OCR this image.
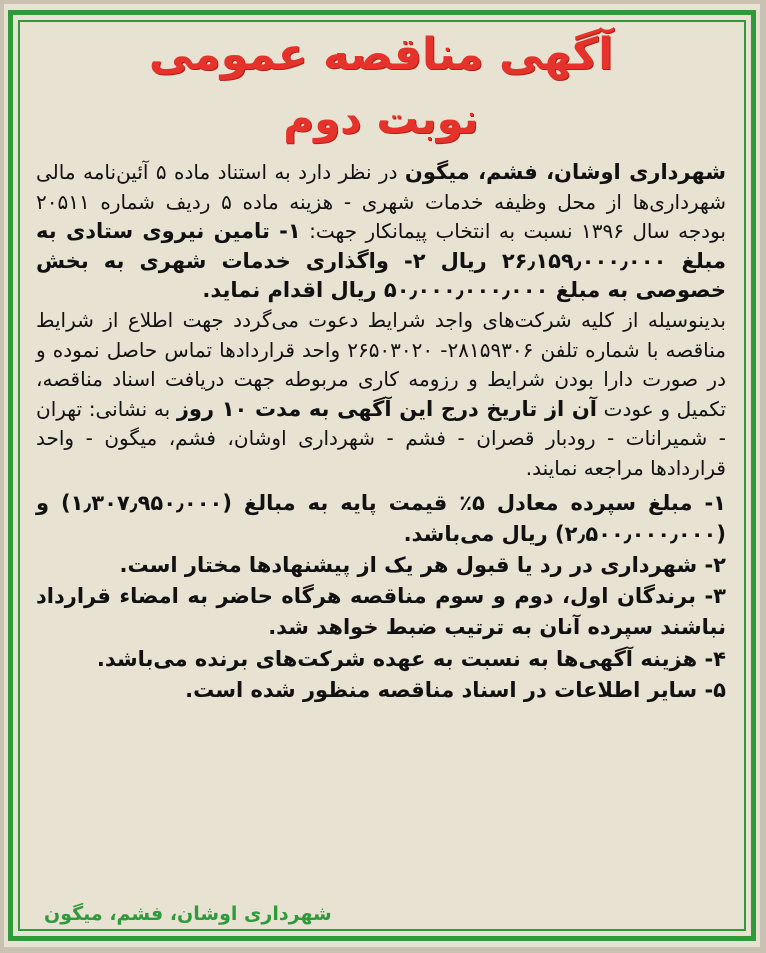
آگهی مناقصه عمومی
نوبت دوم

شهرداری اوشان، فشم، میگون در نظر دارد به استناد ماده ۵ آئین‌نامه مالی شهرداری‌ها از محل وظیفه خدمات شهری - هزینه ماده ۵ ردیف شماره ۲۰۵۱۱ بودجه سال ۱۳۹۶ نسبت به انتخاب پیمانکار جهت: ۱- تامین نیروی ستادی به مبلغ ۲۶٫۱۵۹٫۰۰۰٫۰۰۰ ریال ۲- واگذاری خدمات شهری به بخش خصوصی به مبلغ ۵۰٫۰۰۰٫۰۰۰٫۰۰۰ ریال اقدام نماید.

بدینوسیله از کلیه شرکت‌های واجد شرایط دعوت می‌گردد جهت اطلاع از شرایط مناقصه با شماره تلفن ۲۸۱۵۹۳۰۶- ۲۶۵۰۳۰۲۰ واحد قراردادها تماس حاصل نموده و در صورت دارا بودن شرایط و رزومه کاری مربوطه جهت دریافت اسناد مناقصه، تکمیل و عودت آن از تاریخ درج این آگهی به مدت ۱۰ روز به نشانی: تهران - شمیرانات - رودبار قصران - فشم - شهرداری اوشان، فشم، میگون - واحد قراردادها مراجعه نمایند.

۱- مبلغ سپرده معادل ۵٪ قیمت پایه به مبالغ (۱٫۳۰۷٫۹۵۰٫۰۰۰) و (۲٫۵۰۰٫۰۰۰٫۰۰۰) ریال می‌باشد.

۲- شهرداری در رد یا قبول هر یک از پیشنهادها مختار است.

۳- برندگان اول، دوم و سوم مناقصه هرگاه حاضر به امضاء قرارداد نباشند سپرده آنان به ترتیب ضبط خواهد شد.

۴- هزینه آگهی‌ها به نسبت به عهده شرکت‌های برنده می‌باشد.

۵- سایر اطلاعات در اسناد مناقصه منظور شده است.

شهرداری اوشان، فشم، میگون
